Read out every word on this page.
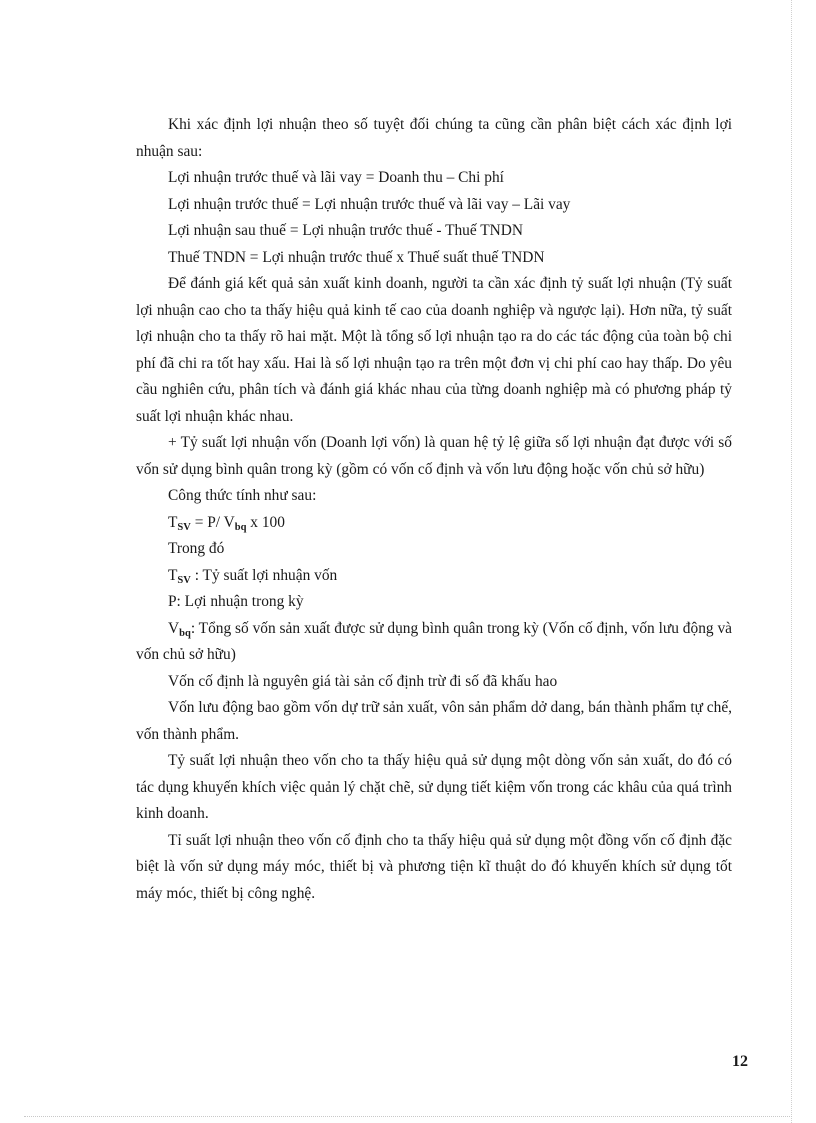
Khi xác định lợi nhuận theo số tuyệt đối chúng ta cũng cần phân biệt cách xác định lợi nhuận sau:

Lợi nhuận trước thuế và lãi vay = Doanh thu – Chi phí

Lợi nhuận trước thuế = Lợi nhuận trước thuế và lãi vay – Lãi vay

Lợi nhuận sau thuế = Lợi nhuận trước thuế - Thuế TNDN

Thuế TNDN = Lợi nhuận trước thuế x Thuế suất thuế TNDN

Để đánh giá kết quả sản xuất kinh doanh, người ta cần xác định tỷ suất lợi nhuận (Tỷ suất lợi nhuận cao cho ta thấy hiệu quả kinh tế cao của doanh nghiệp và ngược lại). Hơn nữa, tỷ suất lợi nhuận cho ta thấy rõ hai mặt. Một là tổng số lợi nhuận tạo ra do các tác động của toàn bộ chi phí đã chi ra tốt hay xấu. Hai là số lợi nhuận tạo ra trên một đơn vị chi phí cao hay thấp. Do yêu cầu nghiên cứu, phân tích và đánh giá khác nhau của từng doanh nghiệp mà có phương pháp tỷ suất lợi nhuận khác nhau.

+ Tỷ suất lợi nhuận vốn (Doanh lợi vốn) là quan hệ tỷ lệ giữa số lợi nhuận đạt được với số vốn sử dụng bình quân trong kỳ (gồm có vốn cố định và vốn lưu động hoặc vốn chủ sở hữu)

Công thức tính như sau:

$T_{SV} = P/$ $V_{bq}$ x 100

Trong đó

$T_{SV}$ : Tỷ suất lợi nhuận vốn

P: Lợi nhuận trong kỳ

$V_{bq}$: Tổng số vốn sản xuất được sử dụng bình quân trong kỳ (Vốn cố định, vốn lưu động và vốn chủ sở hữu)

Vốn cố định là nguyên giá tài sản cố định trừ đi số đã khấu hao

Vốn lưu động bao gồm vốn dự trữ sản xuất, vôn sản phẩm dở dang, bán thành phẩm tự chế, vốn thành phẩm.

Tỷ suất lợi nhuận theo vốn cho ta thấy hiệu quả sử dụng một dòng vốn sản xuất, do đó có tác dụng khuyến khích việc quản lý chặt chẽ, sử dụng tiết kiệm vốn trong các khâu của quá trình kinh doanh.

Tỉ suất lợi nhuận theo vốn cố định cho ta thấy hiệu quả sử dụng một đồng vốn cố định đặc biệt là vốn sử dụng máy móc, thiết bị và phương tiện kĩ thuật do đó khuyến khích sử dụng tốt máy móc, thiết bị công nghệ.

12
